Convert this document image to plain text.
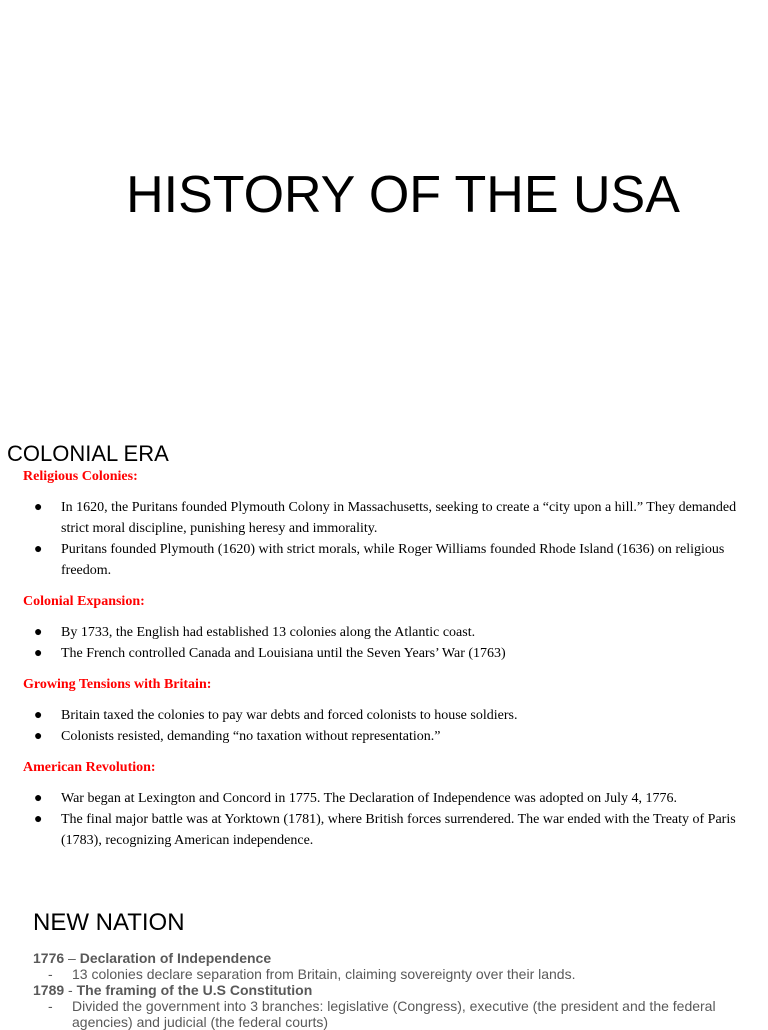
HISTORY OF THE USA
COLONIAL ERA
Religious Colonies:
● In 1620, the Puritans founded Plymouth Colony in Massachusetts, seeking to create a “city upon a hill.” They demanded strict moral discipline, punishing heresy and immorality.
● Puritans founded Plymouth (1620) with strict morals, while Roger Williams founded Rhode Island (1636) on religious freedom.
Colonial Expansion:
● By 1733, the English had established 13 colonies along the Atlantic coast.
● The French controlled Canada and Louisiana until the Seven Years’ War (1763)
Growing Tensions with Britain:
● Britain taxed the colonies to pay war debts and forced colonists to house soldiers.
● Colonists resisted, demanding “no taxation without representation.”
American Revolution:
● War began at Lexington and Concord in 1775. The Declaration of Independence was adopted on July 4, 1776.
● The final major battle was at Yorktown (1781), where British forces surrendered. The war ended with the Treaty of Paris (1783), recognizing American independence.
NEW NATION
1776 – Declaration of Independence
- 13 colonies declare separation from Britain, claiming sovereignty over their lands.
1789 - The framing of the U.S Constitution
- Divided the government into 3 branches: legislative (Congress), executive (the president and the federal agencies) and judicial (the federal courts)
